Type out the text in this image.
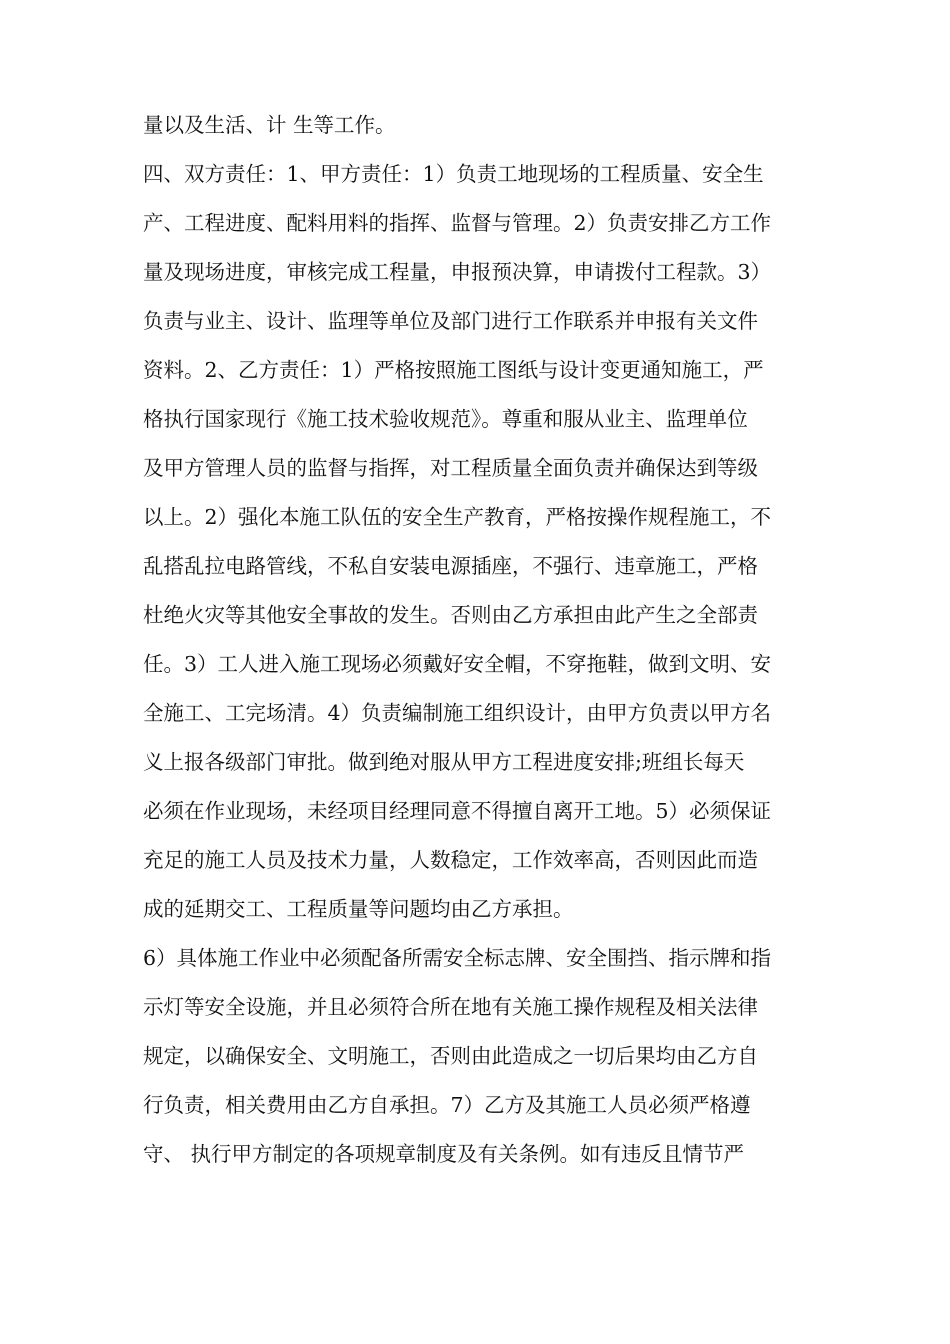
量以及生活、计 生等工作。
四、双方责任：1、甲方责任：1）负责工地现场的工程质量、安全生
产、工程进度、配料用料的指挥、监督与管理。2）负责安排乙方工作
量及现场进度，审核完成工程量，申报预决算，申请拨付工程款。3）
负责与业主、设计、监理等单位及部门进行工作联系并申报有关文件
资料。2、乙方责任：1）严格按照施工图纸与设计变更通知施工，严
格执行国家现行《施工技术验收规范》。尊重和服从业主、监理单位
及甲方管理人员的监督与指挥，对工程质量全面负责并确保达到等级
以上。2）强化本施工队伍的安全生产教育，严格按操作规程施工，不
乱搭乱拉电路管线，不私自安装电源插座，不强行、违章施工，严格
杜绝火灾等其他安全事故的发生。否则由乙方承担由此产生之全部责
任。3）工人进入施工现场必须戴好安全帽，不穿拖鞋，做到文明、安
全施工、工完场清。4）负责编制施工组织设计，由甲方负责以甲方名
义上报各级部门审批。做到绝对服从甲方工程进度安排;班组长每天
必须在作业现场，未经项目经理同意不得擅自离开工地。5）必须保证
充足的施工人员及技术力量，人数稳定，工作效率高，否则因此而造
成的延期交工、工程质量等问题均由乙方承担。
6）具体施工作业中必须配备所需安全标志牌、安全围挡、指示牌和指
示灯等安全设施，并且必须符合所在地有关施工操作规程及相关法律
规定，以确保安全、文明施工，否则由此造成之一切后果均由乙方自
行负责，相关费用由乙方自承担。7）乙方及其施工人员必须严格遵
守、 执行甲方制定的各项规章制度及有关条例。如有违反且情节严
